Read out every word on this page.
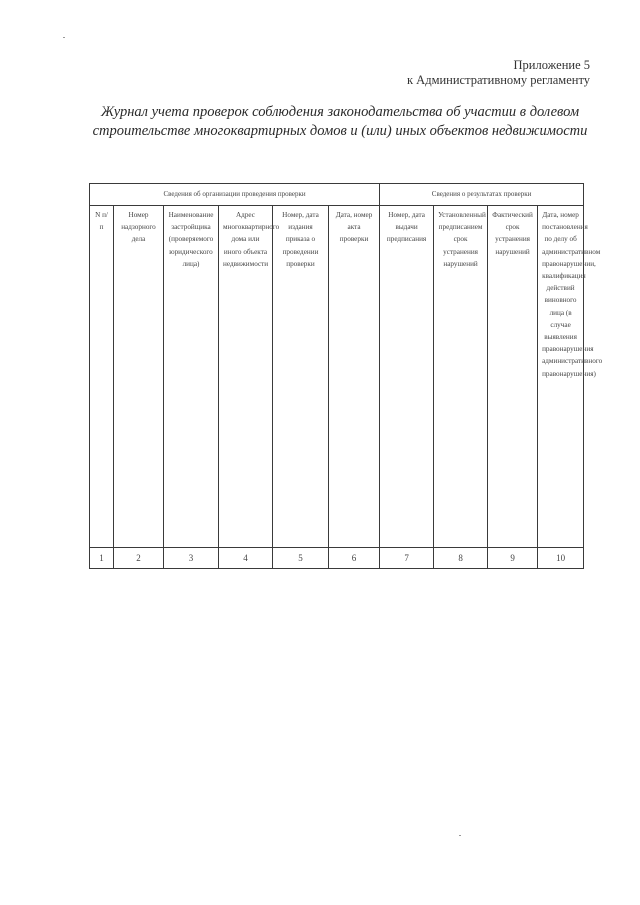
Приложение 5
к Административному регламенту
Журнал учета проверок соблюдения законодательства об участии в долевом
строительстве многоквартирных домов и (или) иных объектов недвижимости
Сведения об организации проведения проверки						Сведения о результатах проверки			

N п/п	Номер надзорного дела	Наименование застройщика (проверяемого юридического лица)	Адрес многоквартирного дома или иного объекта недвижимости	Номер, дата издания приказа о проведении проверки	Дата, номер акта проверки	Номер, дата выдачи предписания	Установленный предписанием срок устранения нарушений	Фактический срок устранения нарушений	Дата, номер постановления по делу об административном правонарушении, квалификация действий виновного лица (в случае выявления правонарушения административного правонарушения)

1	2	3	4	5	6	7	8	9	10
